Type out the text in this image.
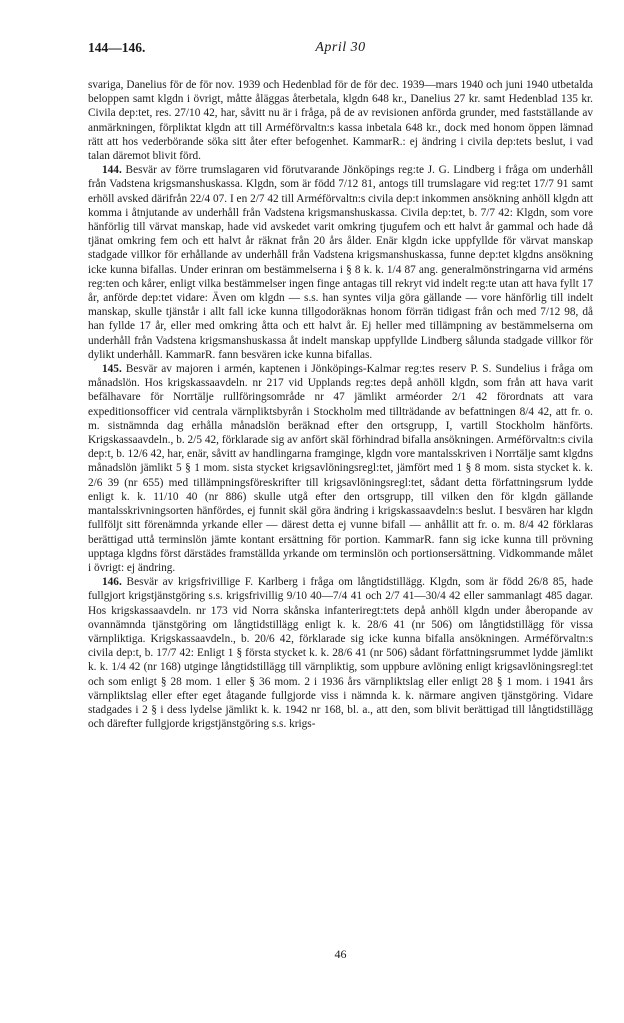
144—146.	April 30

svariga, Danelius för de för nov. 1939 och Hedenblad för de för dec. 1939—mars 1940 och juni 1940 utbetalda beloppen samt klgdn i övrigt, måtte åläggas återbetala, klgdn 648 kr., Danelius 27 kr. samt Hedenblad 135 kr. Civila dep:tet, res. 27/10 42, har, såvitt nu är i fråga, på de av revisionen anförda grunder, med fastställande av anmärkningen, förpliktat klgdn att till Arméförvaltn:s kassa inbetala 648 kr., dock med honom öppen lämnad rätt att hos vederbörande söka sitt åter efter befogenhet. KammarR.: ej ändring i civila dep:tets beslut, i vad talan däremot blivit förd.

144. Besvär av förre trumslagaren vid förutvarande Jönköpings reg:te J. G. Lindberg i fråga om underhåll från Vadstena krigsmanshuskassa. Klgdn, som är född 7/12 81, antogs till trumslagare vid reg:tet 17/7 91 samt erhöll avsked därifrån 22/4 07. I en 2/7 42 till Arméförvaltn:s civila dep:t inkommen ansökning anhöll klgdn att komma i åtnjutande av underhåll från Vadstena krigsmanshuskassa. Civila dep:tet, b. 7/7 42: Klgdn, som vore hänförlig till värvat manskap, hade vid avskedet varit omkring tjugufem och ett halvt år gammal och hade då tjänat omkring fem och ett halvt år räknat från 20 års ålder. Enär klgdn icke uppfyllde för värvat manskap stadgade villkor för erhållande av underhåll från Vadstena krigsmanshuskassa, funne dep:tet klgdns ansökning icke kunna bifallas. Under erinran om bestämmelserna i § 8 k. k. 1/4 87 ang. generalmönstringarna vid arméns reg:ten och kårer, enligt vilka bestämmelser ingen finge antagas till rekryt vid indelt reg:te utan att hava fyllt 17 år, anförde dep:tet vidare: Även om klgdn — s.s. han syntes vilja göra gällande — vore hänförlig till indelt manskap, skulle tjänstår i allt fall icke kunna tillgodoräknas honom förrän tidigast från och med 7/12 98, då han fyllde 17 år, eller med omkring åtta och ett halvt år. Ej heller med tillämpning av bestämmelserna om underhåll från Vadstena krigsmanshuskassa åt indelt manskap uppfyllde Lindberg sålunda stadgade villkor för dylikt underhåll. KammarR. fann besvären icke kunna bifallas.

145. Besvär av majoren i armén, kaptenen i Jönköpings-Kalmar reg:tes reserv P. S. Sundelius i fråga om månadslön. Hos krigskassaavdeln. nr 217 vid Upplands reg:tes depå anhöll klgdn, som från att hava varit befälhavare för Norrtälje rullföringsområde nr 47 jämlikt arméorder 2/1 42 förordnats att vara expeditionsofficer vid centrala värnpliktsbyrån i Stockholm med tillträdande av befattningen 8/4 42, att fr. o. m. sistnämnda dag erhålla månadslön beräknad efter den ortsgrupp, I, vartill Stockholm hänförts. Krigskassaavdeln., b. 2/5 42, förklarade sig av anfört skäl förhindrad bifalla ansökningen. Arméförvaltn:s civila dep:t, b. 12/6 42, har, enär, såvitt av handlingarna framginge, klgdn vore mantalsskriven i Norrtälje samt klgdns månadslön jämlikt 5 § 1 mom. sista stycket krigsavlöningsregl:tet, jämfört med 1 § 8 mom. sista stycket k. k. 2/6 39 (nr 655) med tillämpningsföreskrifter till krigsavlöningsregl:tet, sådant detta författningsrum lydde enligt k. k. 11/10 40 (nr 886) skulle utgå efter den ortsgrupp, till vilken den för klgdn gällande mantalsskrivningsorten hänfördes, ej funnit skäl göra ändring i krigskassaavdeln:s beslut. I besvären har klgdn fullföljt sitt förenämnda yrkande eller — därest detta ej vunne bifall — anhållit att fr. o. m. 8/4 42 förklaras berättigad uttå terminslön jämte kontant ersättning för portion. KammarR. fann sig icke kunna till prövning upptaga klgdns först därstädes framställda yrkande om terminslön och portionsersättning. Vidkommande målet i övrigt: ej ändring.

146. Besvär av krigsfrivillige F. Karlberg i fråga om långtidstillägg. Klgdn, som är född 26/8 85, hade fullgjort krigstjänstgöring s.s. krigsfrivillig 9/10 40—7/4 41 och 2/7 41—30/4 42 eller sammanlagt 485 dagar. Hos krigskassaavdeln. nr 173 vid Norra skånska infanteriregt:tets depå anhöll klgdn under åberopande av ovannämnda tjänstgöring om långtidstillägg enligt k. k. 28/6 41 (nr 506) om långtidstillägg för vissa värnpliktiga. Krigskassaavdeln., b. 20/6 42, förklarade sig icke kunna bifalla ansökningen. Arméförvaltn:s civila dep:t, b. 17/7 42: Enligt 1 § första stycket k. k. 28/6 41 (nr 506) sådant författningsrummet lydde jämlikt k. k. 1/4 42 (nr 168) utginge långtidstillägg till värnpliktig, som uppbure avlöning enligt krigsavlöningsregl:tet och som enligt § 28 mom. 1 eller § 36 mom. 2 i 1936 års värnpliktslag eller enligt 28 § 1 mom. i 1941 års värnpliktslag eller efter eget åtagande fullgjorde viss i nämnda k. k. närmare angiven tjänstgöring. Vidare stadgades i 2 § i dess lydelse jämlikt k. k. 1942 nr 168, bl. a., att den, som blivit berättigad till långtidstillägg och därefter fullgjorde krigstjänstgöring s.s. krigs-

46
